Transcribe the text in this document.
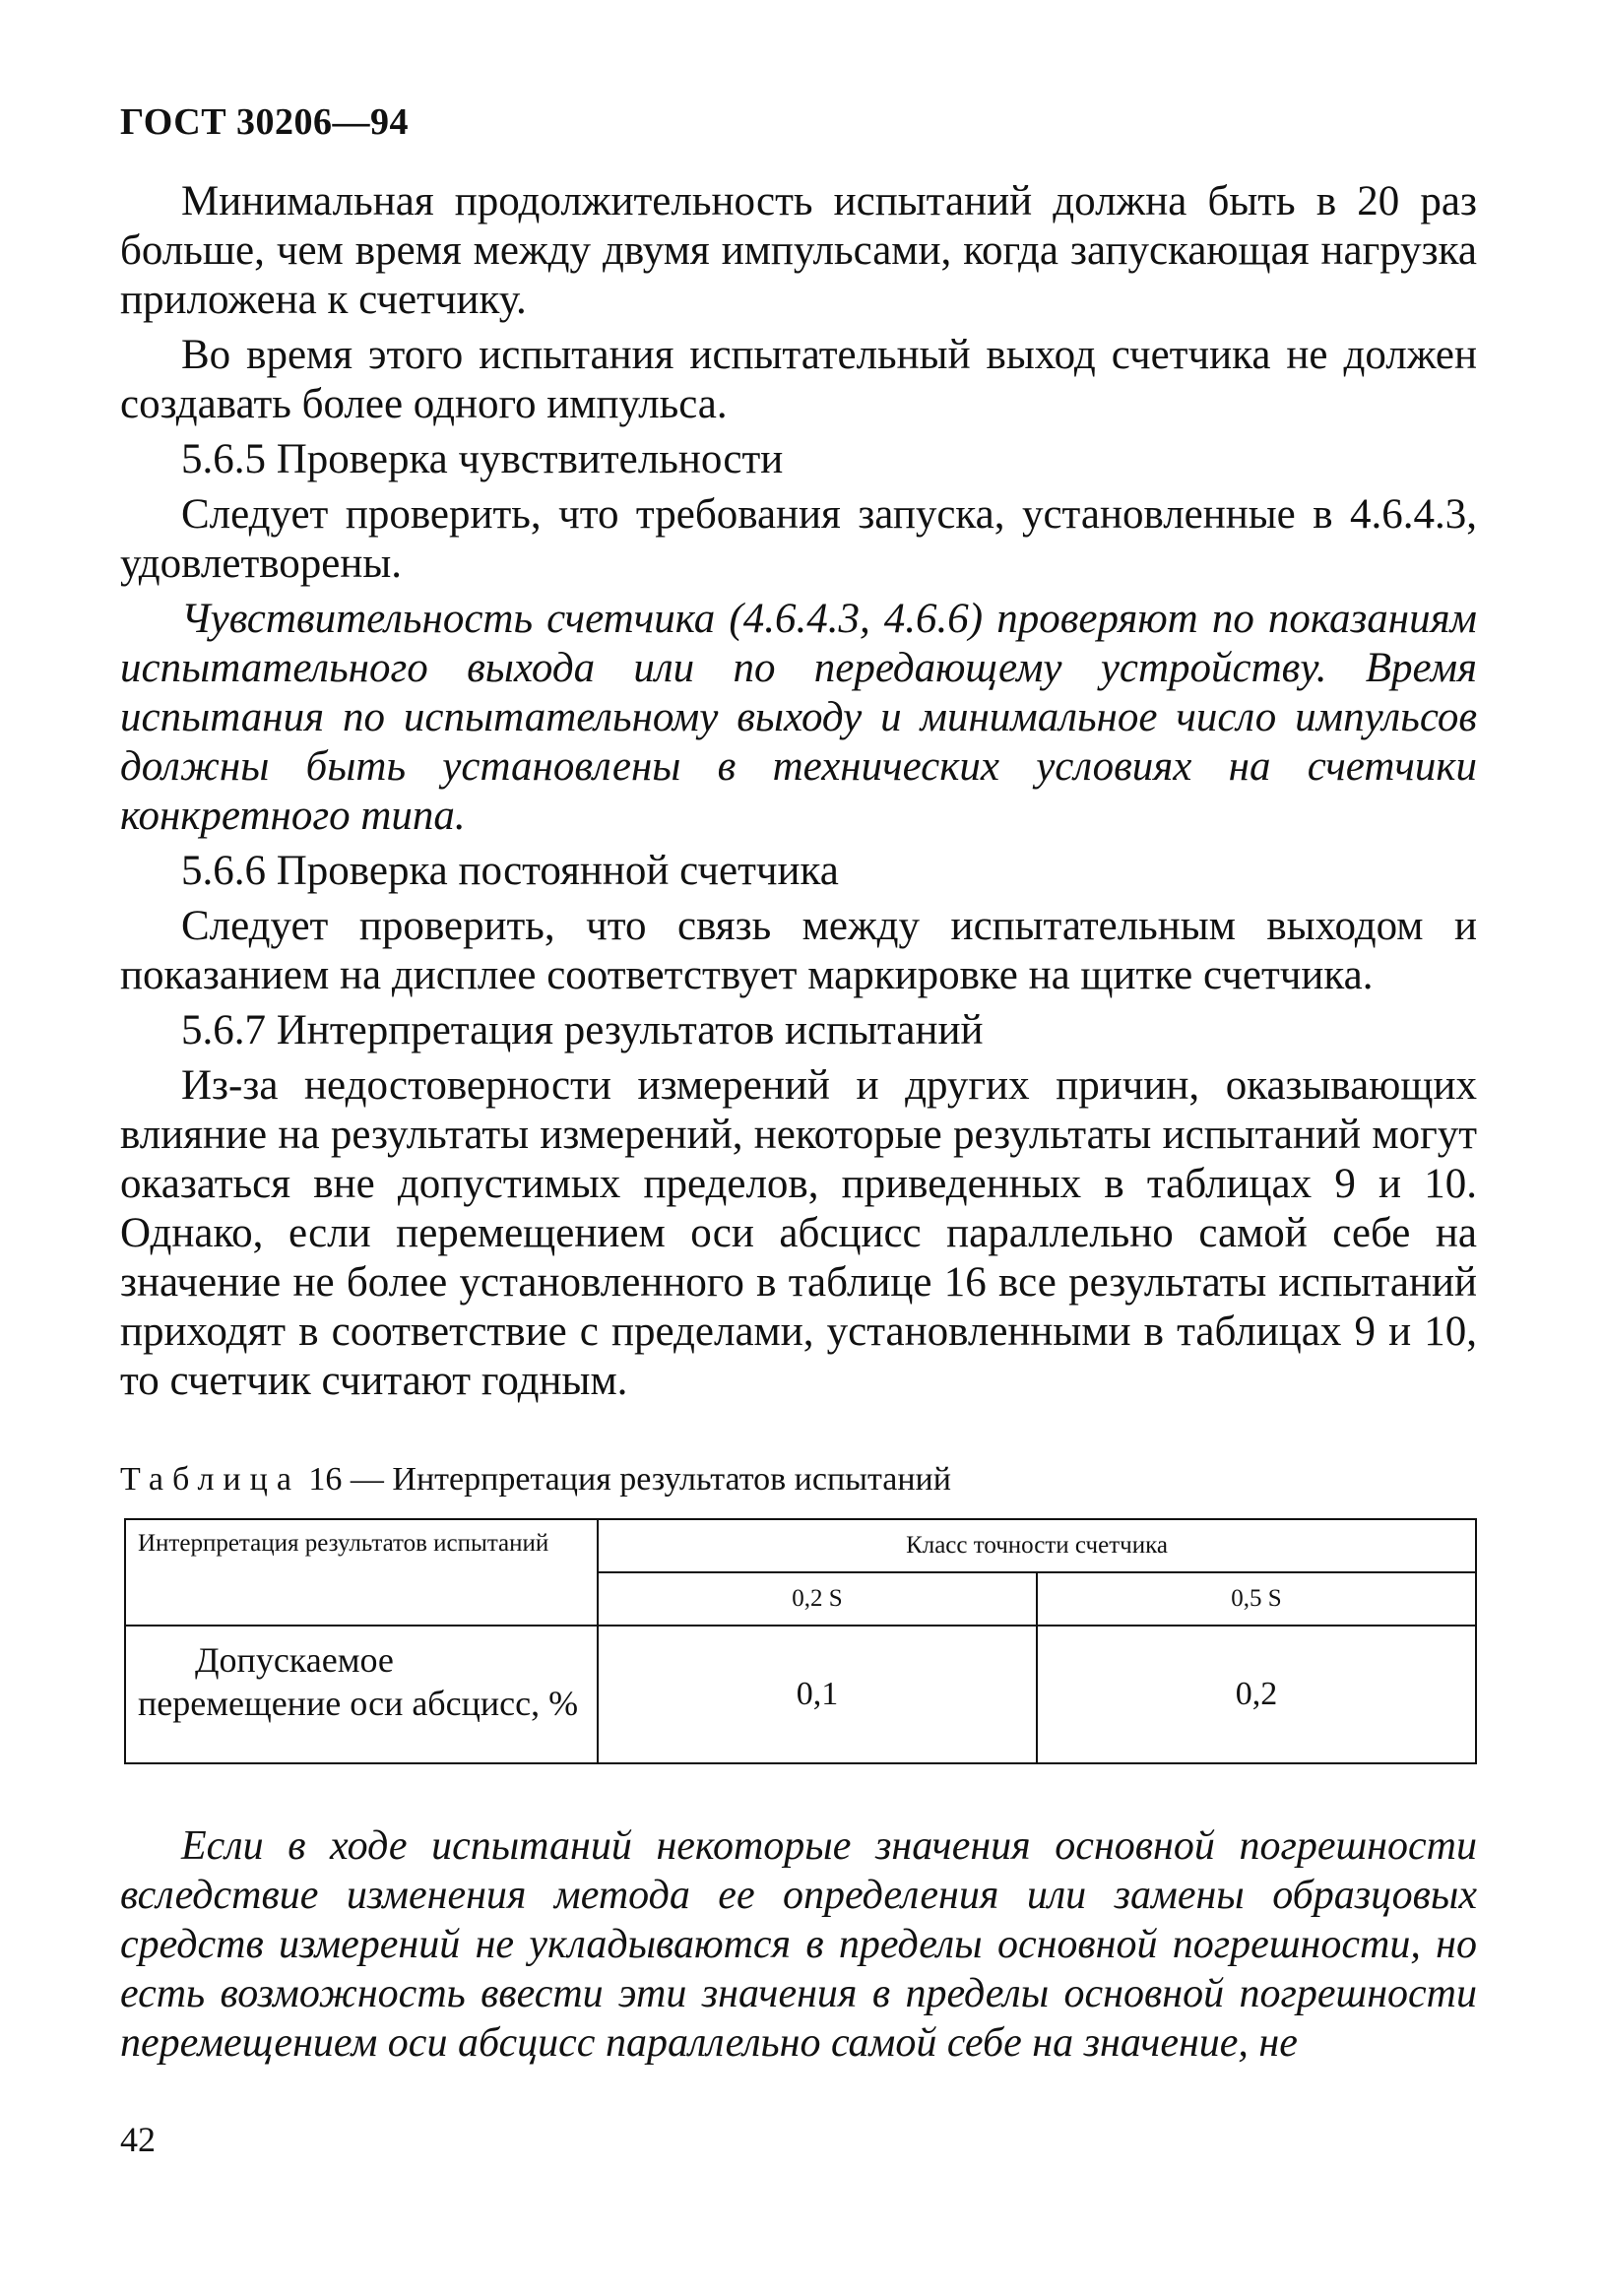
ГОСТ 30206—94

Минимальная продолжительность испытаний должна быть в 20 раз больше, чем время между двумя импульсами, когда запускающая нагрузка приложена к счетчику.

Во время этого испытания испытательный выход счетчика не должен создавать более одного импульса.

5.6.5 Проверка чувствительности

Следует проверить, что требования запуска, установленные в 4.6.4.3, удовлетворены.

Чувствительность счетчика (4.6.4.3, 4.6.6) проверяют по показаниям испытательного выхода или по передающему устройству. Время испытания по испытательному выходу и минимальное число импульсов должны быть установлены в технических условиях на счетчики конкретного типа.

5.6.6 Проверка постоянной счетчика

Следует проверить, что связь между испытательным выходом и показанием на дисплее соответствует маркировке на щитке счетчика.

5.6.7 Интерпретация результатов испытаний

Из-за недостоверности измерений и других причин, оказывающих влияние на результаты измерений, некоторые результаты испытаний могут оказаться вне допустимых пределов, приведенных в таблицах 9 и 10. Однако, если перемещением оси абсцисс параллельно самой себе на значение не более установленного в таблице 16 все результаты испытаний приходят в соответствие с пределами, установленными в таблицах 9 и 10, то счетчик считают годным.

Таблица 16 — Интерпретация результатов испытаний
Интерпретация результатов испытаний	Класс точности счетчика	
	0,2 S	0,5 S

Допускаемое перемещение оси абсцисс, %	0,1	0,2

Если в ходе испытаний некоторые значения основной погрешности вследствие изменения метода ее определения или замены образцовых средств измерений не укладываются в пределы основной погрешности, но есть возможность ввести эти значения в пределы основной погрешности перемещением оси абсцисс параллельно самой себе на значение, не

42
